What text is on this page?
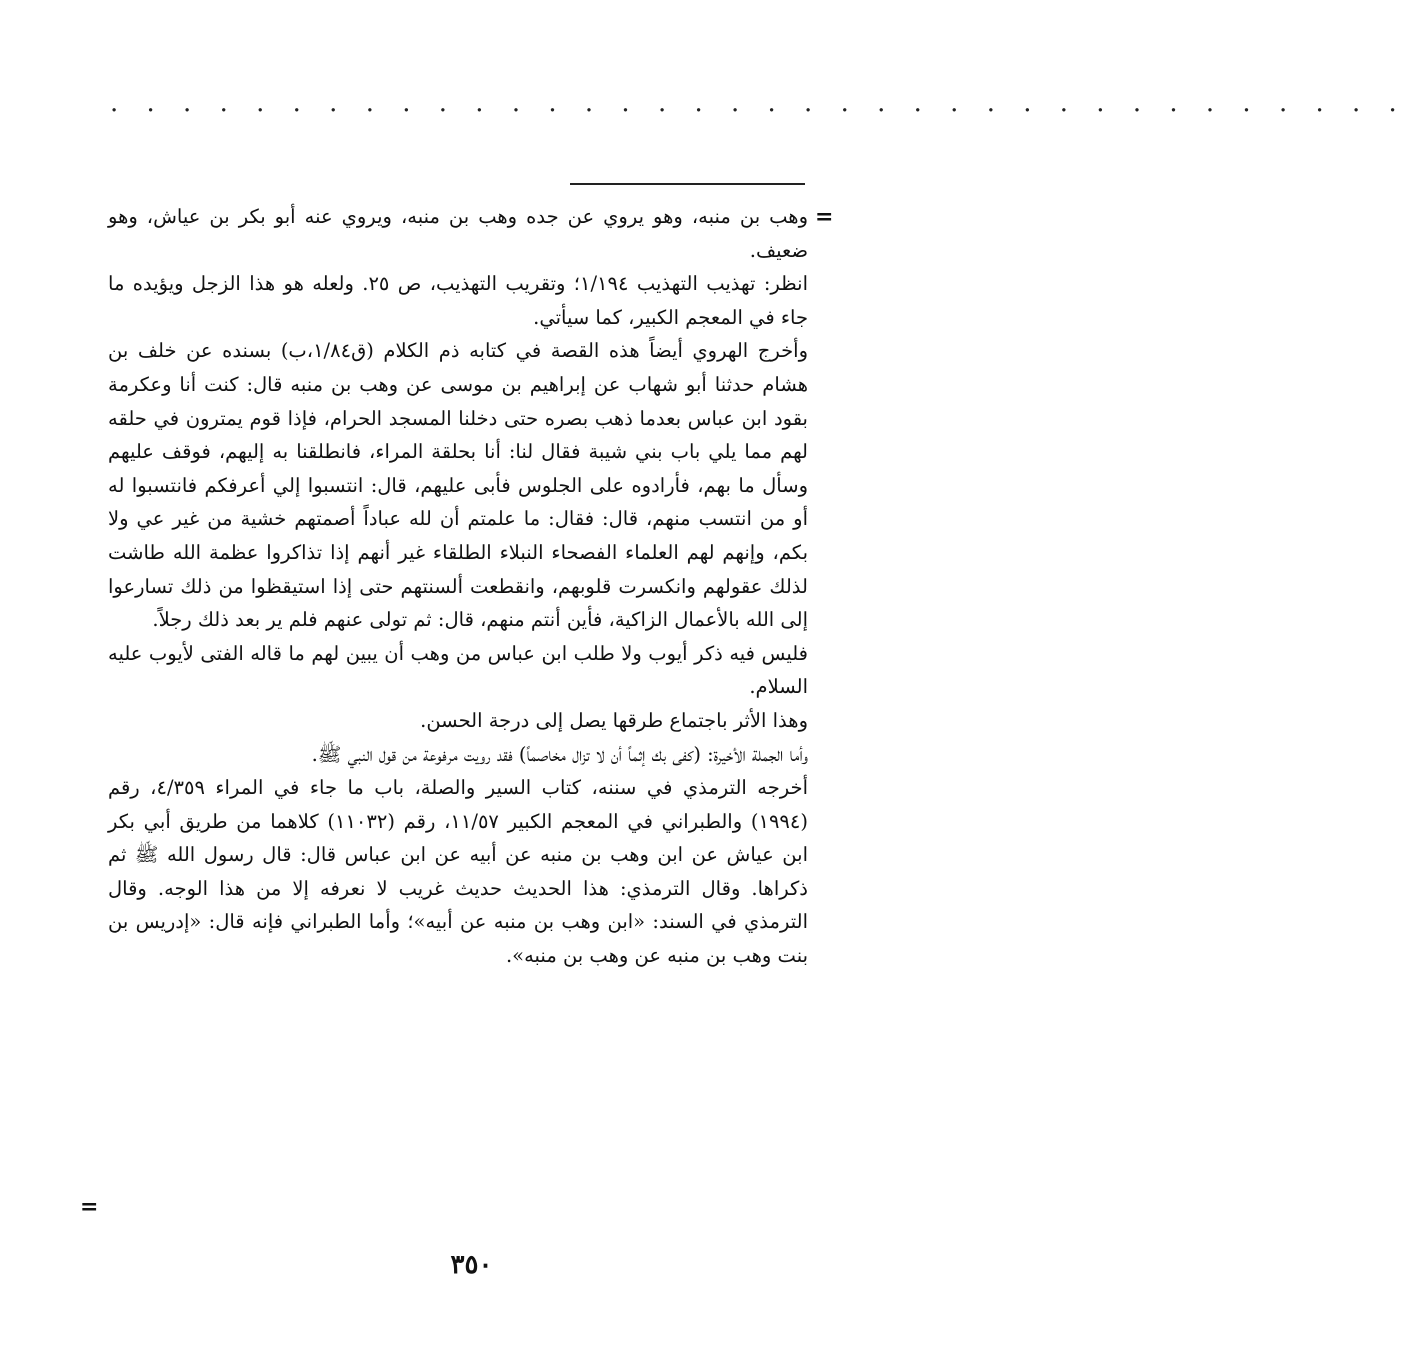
· · · · · · · · · · · · · · · · · · · · · · · · · · · · · · · · · · · ·
=

وهب بن منبه، وهو يروي عن جده وهب بن منبه، ويروي عنه أبو بكر بن عياش، وهو ضعيف.

انظر: تهذيب التهذيب ١/١٩٤؛ وتقريب التهذيب، ص ٢٥. ولعله هو هذا الزجل ويؤيده ما جاء في المعجم الكبير، كما سيأتي.

وأخرج الهروي أيضاً هذه القصة في كتابه ذم الكلام (ق١/٨٤،ب) بسنده عن خلف بن هشام حدثنا أبو شهاب عن إبراهيم بن موسى عن وهب بن منبه قال: كنت أنا وعكرمة بقود ابن عباس بعدما ذهب بصره حتى دخلنا المسجد الحرام، فإذا قوم يمترون في حلقه لهم مما يلي باب بني شيبة فقال لنا: أنا بحلقة المراء، فانطلقنا به إليهم، فوقف عليهم وسأل ما بهم، فأرادوه على الجلوس فأبى عليهم، قال: انتسبوا إلي أعرفكم فانتسبوا له أو من انتسب منهم، قال: فقال: ما علمتم أن لله عباداً أصمتهم خشية من غير عي ولا بكم، وإنهم لهم العلماء الفصحاء النبلاء الطلقاء غير أنهم إذا تذاكروا عظمة الله طاشت لذلك عقولهم وانكسرت قلوبهم، وانقطعت ألسنتهم حتى إذا استيقظوا من ذلك تسارعوا إلى الله بالأعمال الزاكية، فأين أنتم منهم، قال: ثم تولى عنهم فلم ير بعد ذلك رجلاً.

فليس فيه ذكر أيوب ولا طلب ابن عباس من وهب أن يبين لهم ما قاله الفتى لأيوب عليه السلام.

وهذا الأثر باجتماع طرقها يصل إلى درجة الحسن.

وأما الجملة الأخيرة: (كفى بك إثماً أن لا تزال مخاصماً) فقد رويت مرفوعة من قول النبي ﷺ.

أخرجه الترمذي في سننه، كتاب السير والصلة، باب ما جاء في المراء ٤/٣٥٩، رقم (١٩٩٤) والطبراني في المعجم الكبير ١١/٥٧، رقم (١١٠٣٢) كلاهما من طريق أبي بكر ابن عياش عن ابن وهب بن منبه عن أبيه عن ابن عباس قال: قال رسول الله ﷺ ثم ذكراها. وقال الترمذي: هذا الحديث حديث غريب لا نعرفه إلا من هذا الوجه. وقال الترمذي في السند: «ابن وهب بن منبه عن أبيه»؛ وأما الطبراني فإنه قال: «إدريس بن بنت وهب بن منبه عن وهب بن منبه».

=
٣٥٠
